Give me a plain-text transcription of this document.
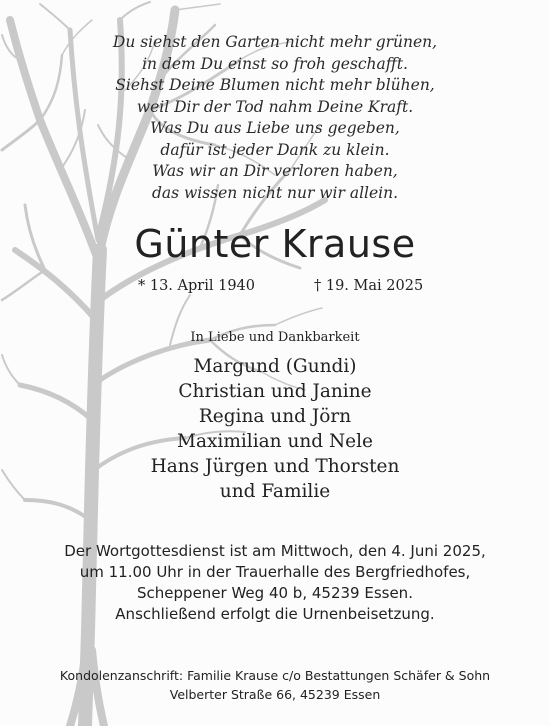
Du siehst den Garten nicht mehr grünen,
in dem Du einst so froh geschafft.
Siehst Deine Blumen nicht mehr blühen,
weil Dir der Tod nahm Deine Kraft.
Was Du aus Liebe uns gegeben,
dafür ist jeder Dank zu klein.
Was wir an Dir verloren haben,
das wissen nicht nur wir allein.
Günter Krause
* 13. April 1940	† 19. Mai 2025
In Liebe und Dankbarkeit
Margund (Gundi)
Christian und Janine
Regina und Jörn
Maximilian und Nele
Hans Jürgen und Thorsten
und Familie
Der Wortgottesdienst ist am Mittwoch, den 4. Juni 2025,
um 11.00 Uhr in der Trauerhalle des Bergfriedhofes,
Scheppener Weg 40 b, 45239 Essen.
Anschließend erfolgt die Urnenbeisetzung.
Kondolenzanschrift: Familie Krause c/o Bestattungen Schäfer & Sohn
Velberter Straße 66, 45239 Essen
